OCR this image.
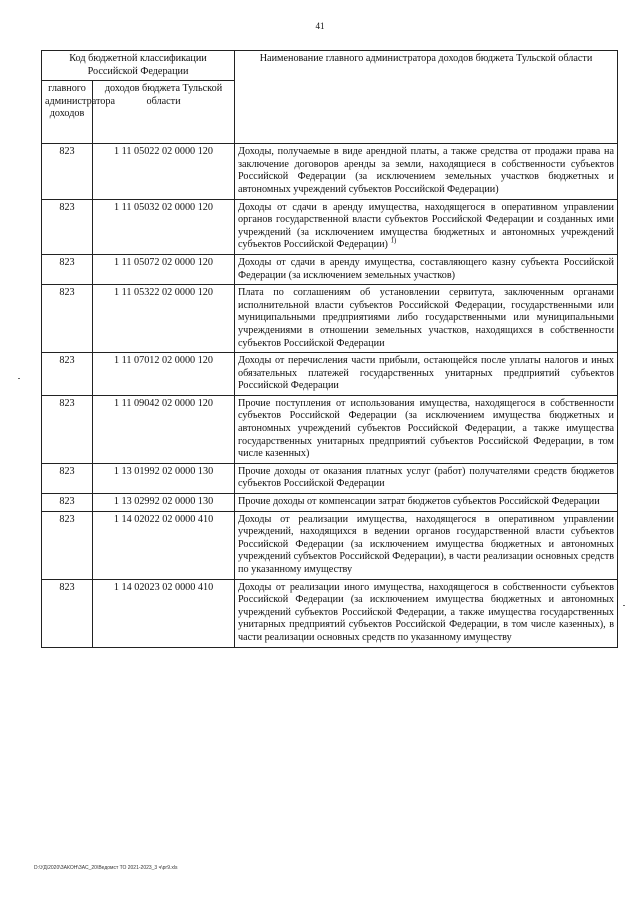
41
Код бюджетной классификации Российской Федерации		Наименование главного администратора доходов бюджета Тульской области
главного администратора доходов	доходов бюджета Тульской области	
823	1 11 05022 02 0000 120	Доходы, получаемые в виде арендной платы, а также средства от продажи права на заключение договоров аренды за земли, находящиеся в собственности субъектов Российской Федерации (за исключением земельных участков бюджетных и автономных учреждений субъектов Российской Федерации)
823	1 11 05032 02 0000 120	Доходы от сдачи в аренду имущества, находящегося в оперативном управлении органов государственной власти субъектов Российской Федерации и созданных ими учреждений (за исключением имущества бюджетных и автономных учреждений субъектов Российской Федерации) $^{1)}$
823	1 11 05072 02 0000 120	Доходы от сдачи в аренду имущества, составляющего казну субъекта Российской Федерации (за исключением земельных участков)
823	1 11 05322 02 0000 120	Плата по соглашениям об установлении сервитута, заключенным органами исполнительной власти субъектов Российской Федерации, государственными или муниципальными предприятиями либо государственными или муниципальными учреждениями в отношении земельных участков, находящихся в собственности субъектов Российской Федерации
823	1 11 07012 02 0000 120	Доходы от перечисления части прибыли, остающейся после уплаты налогов и иных обязательных платежей государственных унитарных предприятий субъектов Российской Федерации
823	1 11 09042 02 0000 120	Прочие поступления от использования имущества, находящегося в собственности субъектов Российской Федерации (за исключением имущества бюджетных и автономных учреждений субъектов Российской Федерации, а также имущества государственных унитарных предприятий субъектов Российской Федерации, в том числе казенных)
823	1 13 01992 02 0000 130	Прочие доходы от оказания платных услуг (работ) получателями средств бюджетов субъектов Российской Федерации
823	1 13 02992 02 0000 130	Прочие доходы от компенсации затрат бюджетов субъектов Российской Федерации
823	1 14 02022 02 0000 410	Доходы от реализации имущества, находящегося в оперативном управлении учреждений, находящихся в ведении органов государственной власти субъектов Российской Федерации (за исключением имущества бюджетных и автономных учреждений субъектов Российской Федерации), в части реализации основных средств по указанному имуществу
823	1 14 02023 02 0000 410	Доходы от реализации иного имущества, находящегося в собственности субъектов Российской Федерации (за исключением имущества бюджетных и автономных учреждений субъектов Российской Федерации, а также имущества государственных унитарных предприятий субъектов Российской Федерации, в том числе казенных), в части реализации основных средств по указанному имуществу
D:\УД\2020\ЗАКОН\ЗАС_20\Ведомст ТО 2021-2023_3 ч\рг9.xls
